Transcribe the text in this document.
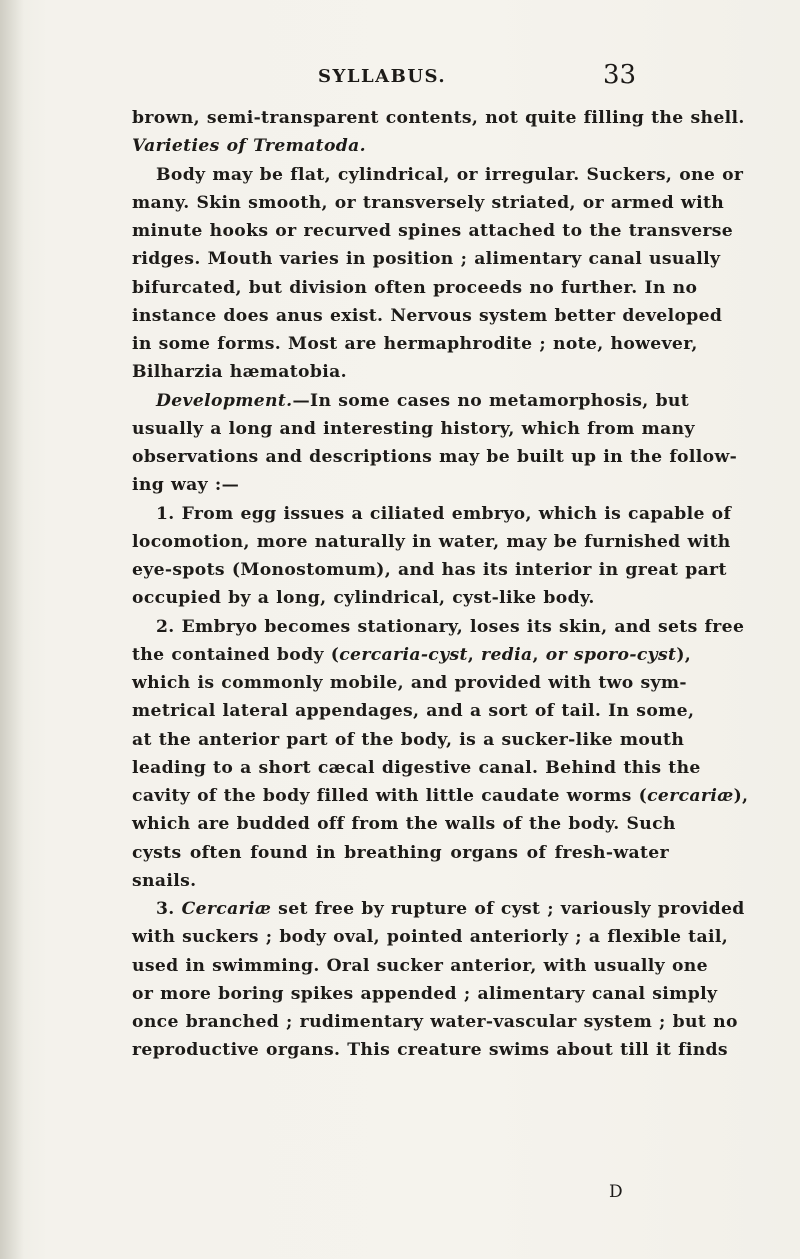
SYLLABUS.	33
brown, semi-transparent contents, not quite filling the shell.
Varieties of Trematoda.
Body may be flat, cylindrical, or irregular. Suckers, one or
many. Skin smooth, or transversely striated, or armed with
minute hooks or recurved spines attached to the transverse
ridges. Mouth varies in position ; alimentary canal usually
bifurcated, but division often proceeds no further. In no
instance does anus exist. Nervous system better developed
in some forms. Most are hermaphrodite ; note, however,
Bilharzia hæmatobia.
Development.—In some cases no metamorphosis, but
usually a long and interesting history, which from many
observations and descriptions may be built up in the follow-
ing way :—
1. From egg issues a ciliated embryo, which is capable of
locomotion, more naturally in water, may be furnished with
eye-spots (Monostomum), and has its interior in great part
occupied by a long, cylindrical, cyst-like body.
2. Embryo becomes stationary, loses its skin, and sets free
the contained body (cercaria-cyst, redia, or sporo-cyst),
which is commonly mobile, and provided with two sym-
metrical lateral appendages, and a sort of tail. In some,
at the anterior part of the body, is a sucker-like mouth
leading to a short cæcal digestive canal. Behind this the
cavity of the body filled with little caudate worms (cercariæ),
which are budded off from the walls of the body. Such
cysts often found in breathing organs of fresh-water
snails.
3. Cercariæ set free by rupture of cyst ; variously provided
with suckers ; body oval, pointed anteriorly ; a flexible tail,
used in swimming. Oral sucker anterior, with usually one
or more boring spikes appended ; alimentary canal simply
once branched ; rudimentary water-vascular system ; but no
reproductive organs. This creature swims about till it finds
D
